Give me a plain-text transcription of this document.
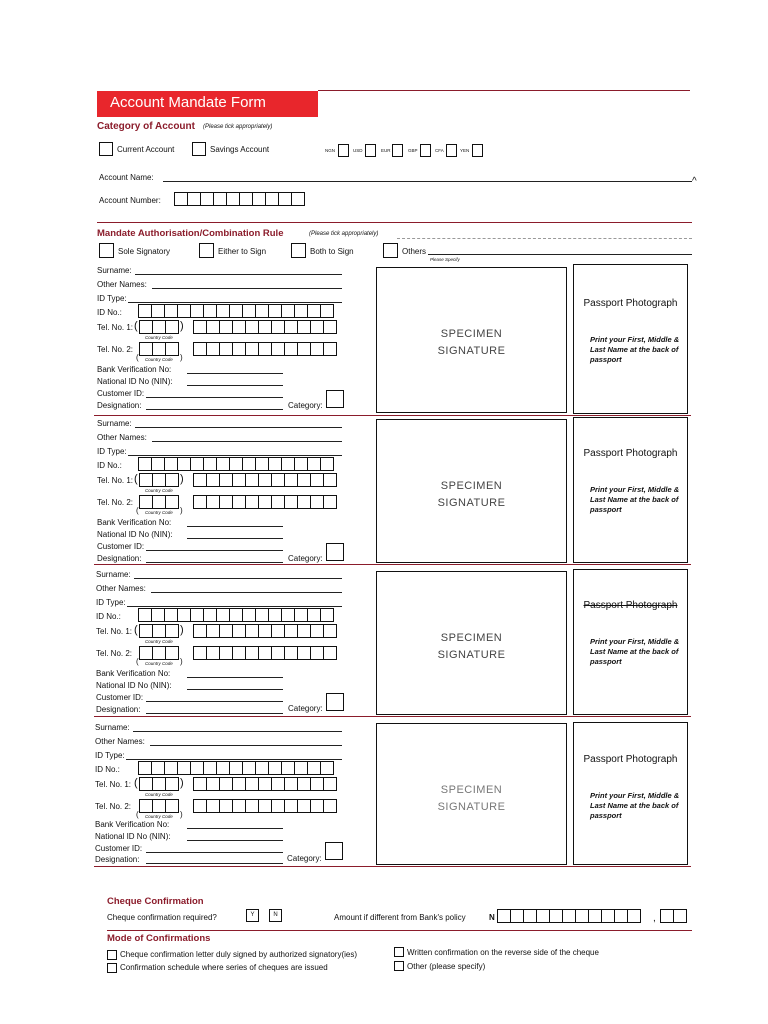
Account Mandate Form
Category of Account (Please tick appropriately)
Current Account	Savings Account	NGN	USD	EUR	GBP	CFA	YEN
Account Name:	^
Account Number:
Mandate Authorisation/Combination Rule	(Please tick appropriately)
Sole Signatory	Either to Sign	Both to Sign	Others
Please Specify
Surname:
Other Names:
ID Type:
ID No.:
Tel. No. 1: (	)
Country Code
Tel. No. 2:
( Country Code )
Bank Verification No:
National ID No (NIN):
Customer ID:
Designation:	Category:
SPECIMEN
SIGNATURE
Passport Photograph
Print your First, Middle & Last Name at the back of passport
Surname:
Other Names:
ID Type:
ID No.:
Tel. No. 1: (	)
Country Code
Tel. No. 2:
( Country Code )
Bank Verification No:
National ID No (NIN):
Customer ID:
Designation:	Category:
SPECIMEN
SIGNATURE
Passport Photograph
Print your First, Middle & Last Name at the back of passport
Surname:
Other Names:
ID Type:
ID No.:
Tel. No. 1: (	)
Country Code
Tel. No. 2:
( Country Code )
Bank Verification No:
National ID No (NIN):
Customer ID:
Designation:	Category:
SPECIMEN
SIGNATURE
Passport Photograph
Print your First, Middle & Last Name at the back of passport
Surname:
Other Names:
ID Type:
ID No.:
Tel. No. 1: (	)
Country Code
Tel. No. 2:
( Country Code )
Bank Verification No:
National ID No (NIN):
Customer ID:
Designation:	Category:
SPECIMEN
SIGNATURE
Passport Photograph
Print your First, Middle & Last Name at the back of passport
Cheque Confirmation
Cheque confirmation required?	Y	N	Amount if different from Bank's policy	N	,
Mode of Confirmations
Cheque confirmation letter duly signed by authorized signatory(ies)
Confirmation schedule where series of cheques are issued
Written confirmation on the reverse side of the cheque
Other (please specify)
